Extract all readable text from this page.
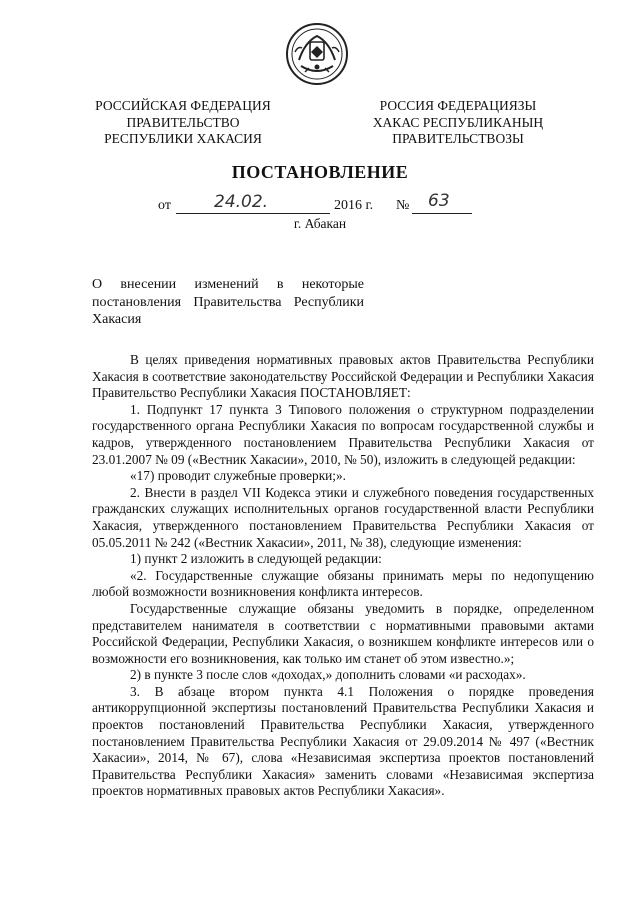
РОССИЙСКАЯ ФЕДЕРАЦИЯ
ПРАВИТЕЛЬСТВО
РЕСПУБЛИКИ ХАКАСИЯ
РОССИЯ ФЕДЕРАЦИЯЗЫ
ХАКАС РЕСПУБЛИКАНЫҢ
ПРАВИТЕЛЬСТВОЗЫ
ПОСТАНОВЛЕНИЕ
от	2016 г. №
24.02.	63
г. Абакан

О внесении изменений в некоторые

постановления Правительства Республики

Хакасия

В целях приведения нормативных правовых актов Правительства Республики Хакасия в соответствие законодательству Российской Федерации и Республики Хакасия Правительство Республики Хакасия ПОСТАНОВЛЯЕТ:

1. Подпункт 17 пункта 3 Типового положения о структурном подразделении государственного органа Республики Хакасия по вопросам государственной службы и кадров, утвержденного постановлением Правительства Республики Хакасия от 23.01.2007 № 09 («Вестник Хакасии», 2010, № 50), изложить в следующей редакции:

«17) проводит служебные проверки;».

2. Внести в раздел VII Кодекса этики и служебного поведения государственных гражданских служащих исполнительных органов государственной власти Республики Хакасия, утвержденного постановлением Правительства Республики Хакасия от 05.05.2011 № 242 («Вестник Хакасии», 2011, № 38), следующие изменения:

1) пункт 2 изложить в следующей редакции:

«2. Государственные служащие обязаны принимать меры по недопущению любой возможности возникновения конфликта интересов.

Государственные служащие обязаны уведомить в порядке, определенном представителем нанимателя в соответствии с нормативными правовыми актами Российской Федерации, Республики Хакасия, о возникшем конфликте интересов или о возможности его возникновения, как только им станет об этом известно.»;

2) в пункте 3 после слов «доходах,» дополнить словами «и расходах».

3. В абзаце втором пункта 4.1 Положения о порядке проведения антикоррупционной экспертизы постановлений Правительства Республики Хакасия и проектов постановлений Правительства Республики Хакасия, утвержденного постановлением Правительства Республики Хакасия от 29.09.2014 № 497 («Вестник Хакасии», 2014, № 67), слова «Независимая экспертиза проектов постановлений Правительства Республики Хакасия» заменить словами «Независимая экспертиза проектов нормативных правовых актов Республики Хакасия».
